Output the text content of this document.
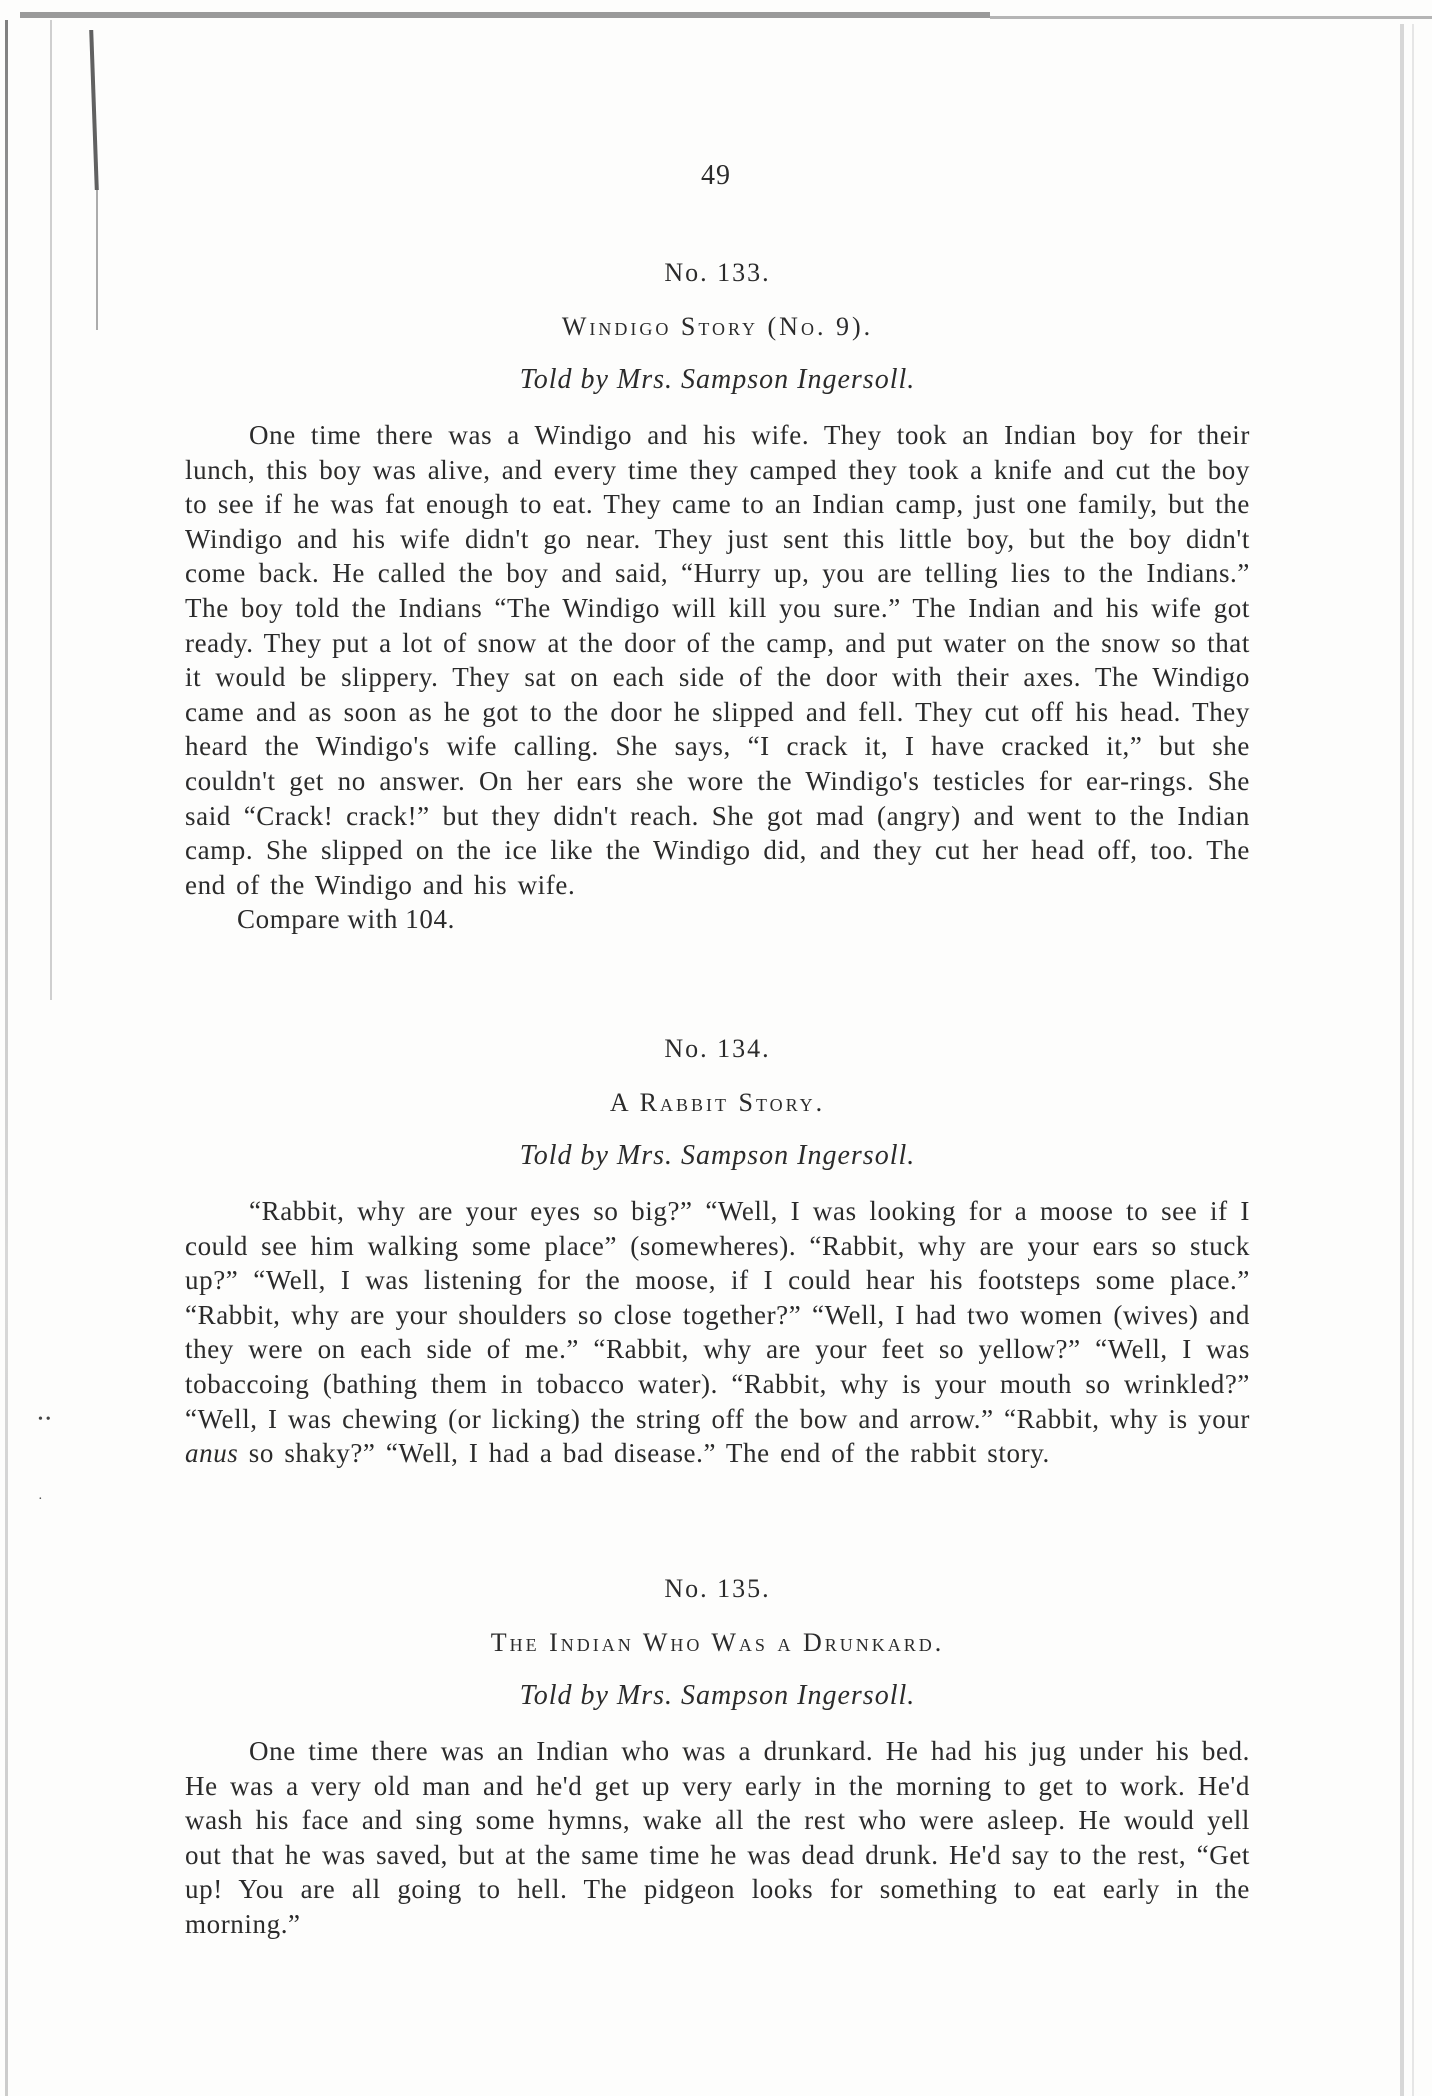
• •

·
49

No. 133.

Windigo Story (No. 9).

Told by Mrs. Sampson Ingersoll.

One time there was a Windigo and his wife. They took an Indian boy for their lunch, this boy was alive, and every time they camped they took a knife and cut the boy to see if he was fat enough to eat. They came to an Indian camp, just one family, but the Windigo and his wife didn't go near. They just sent this little boy, but the boy didn't come back. He called the boy and said, “Hurry up, you are telling lies to the Indians.” The boy told the Indians “The Windigo will kill you sure.” The Indian and his wife got ready. They put a lot of snow at the door of the camp, and put water on the snow so that it would be slippery. They sat on each side of the door with their axes. The Windigo came and as soon as he got to the door he slipped and fell. They cut off his head. They heard the Windigo's wife calling. She says, “I crack it, I have cracked it,” but she couldn't get no answer. On her ears she wore the Windigo's testicles for ear-rings. She said “Crack! crack!” but they didn't reach. She got mad (angry) and went to the Indian camp. She slipped on the ice like the Windigo did, and they cut her head off, too. The end of the Windigo and his wife.

Compare with 104.

No. 134.

A Rabbit Story.

Told by Mrs. Sampson Ingersoll.

“Rabbit, why are your eyes so big?” “Well, I was looking for a moose to see if I could see him walking some place” (somewheres). “Rabbit, why are your ears so stuck up?” “Well, I was listening for the moose, if I could hear his footsteps some place.” “Rabbit, why are your shoulders so close together?” “Well, I had two women (wives) and they were on each side of me.” “Rabbit, why are your feet so yellow?” “Well, I was tobaccoing (bathing them in tobacco water). “Rabbit, why is your mouth so wrinkled?” “Well, I was chewing (or licking) the string off the bow and arrow.” “Rabbit, why is your anus so shaky?” “Well, I had a bad disease.” The end of the rabbit story.

No. 135.

The Indian Who Was a Drunkard.

Told by Mrs. Sampson Ingersoll.

One time there was an Indian who was a drunkard. He had his jug under his bed. He was a very old man and he'd get up very early in the morning to get to work. He'd wash his face and sing some hymns, wake all the rest who were asleep. He would yell out that he was saved, but at the same time he was dead drunk. He'd say to the rest, “Get up! You are all going to hell. The pidgeon looks for something to eat early in the morning.”
